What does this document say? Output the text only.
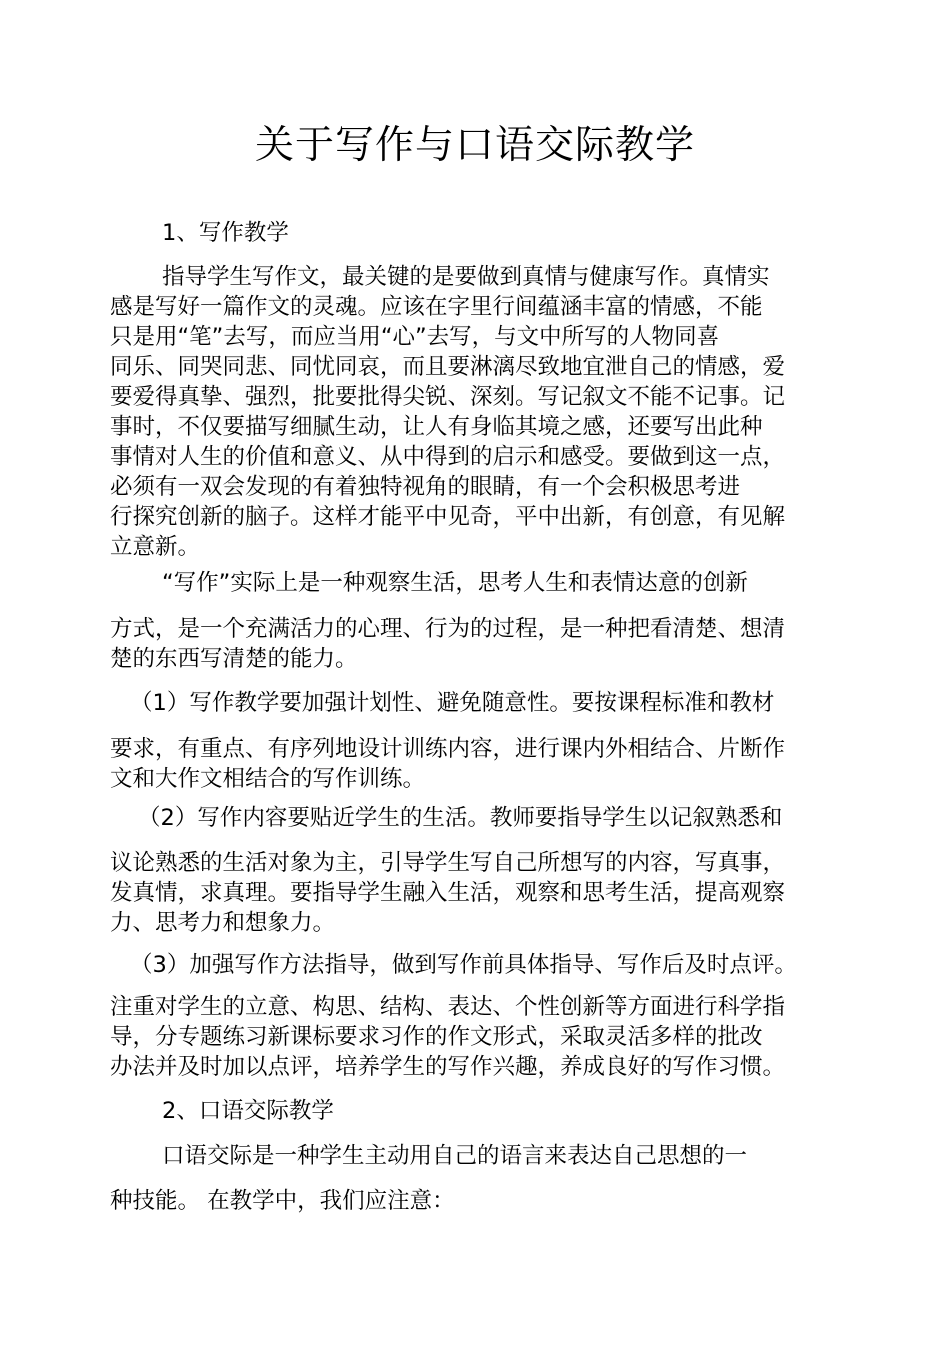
关于写作与口语交际教学
1、写作教学
指导学生写作文，最关键的是要做到真情与健康写作。真情实
感是写好一篇作文的灵魂。应该在字里行间蕴涵丰富的情感，不能
只是用“笔”去写，而应当用“心”去写，与文中所写的人物同喜
同乐、同哭同悲、同忧同哀，而且要淋漓尽致地宜泄自己的情感，爱
要爱得真挚、强烈，批要批得尖锐、深刻。写记叙文不能不记事。记
事时，不仅要描写细腻生动，让人有身临其境之感，还要写出此种
事情对人生的价值和意义、从中得到的启示和感受。要做到这一点，
必须有一双会发现的有着独特视角的眼睛，有一个会积极思考进
行探究创新的脑子。这样才能平中见奇，平中出新，有创意，有见解
立意新。
“写作”实际上是一种观察生活，思考人生和表情达意的创新
方式，是一个充满活力的心理、行为的过程，是一种把看清楚、想清
楚的东西写清楚的能力。
（1）写作教学要加强计划性、避免随意性。要按课程标准和教材
要求，有重点、有序列地设计训练内容，进行课内外相结合、片断作
文和大作文相结合的写作训练。
（2）写作内容要贴近学生的生活。教师要指导学生以记叙熟悉和
议论熟悉的生活对象为主，引导学生写自己所想写的内容，写真事，
发真情，求真理。要指导学生融入生活，观察和思考生活，提高观察
力、思考力和想象力。
（3）加强写作方法指导，做到写作前具体指导、写作后及时点评。
注重对学生的立意、构思、结构、表达、个性创新等方面进行科学指
导，分专题练习新课标要求习作的作文形式，采取灵活多样的批改
办法并及时加以点评，培养学生的写作兴趣，养成良好的写作习惯。
2、口语交际教学
口语交际是一种学生主动用自己的语言来表达自己思想的一
种技能。 在教学中，我们应注意：
